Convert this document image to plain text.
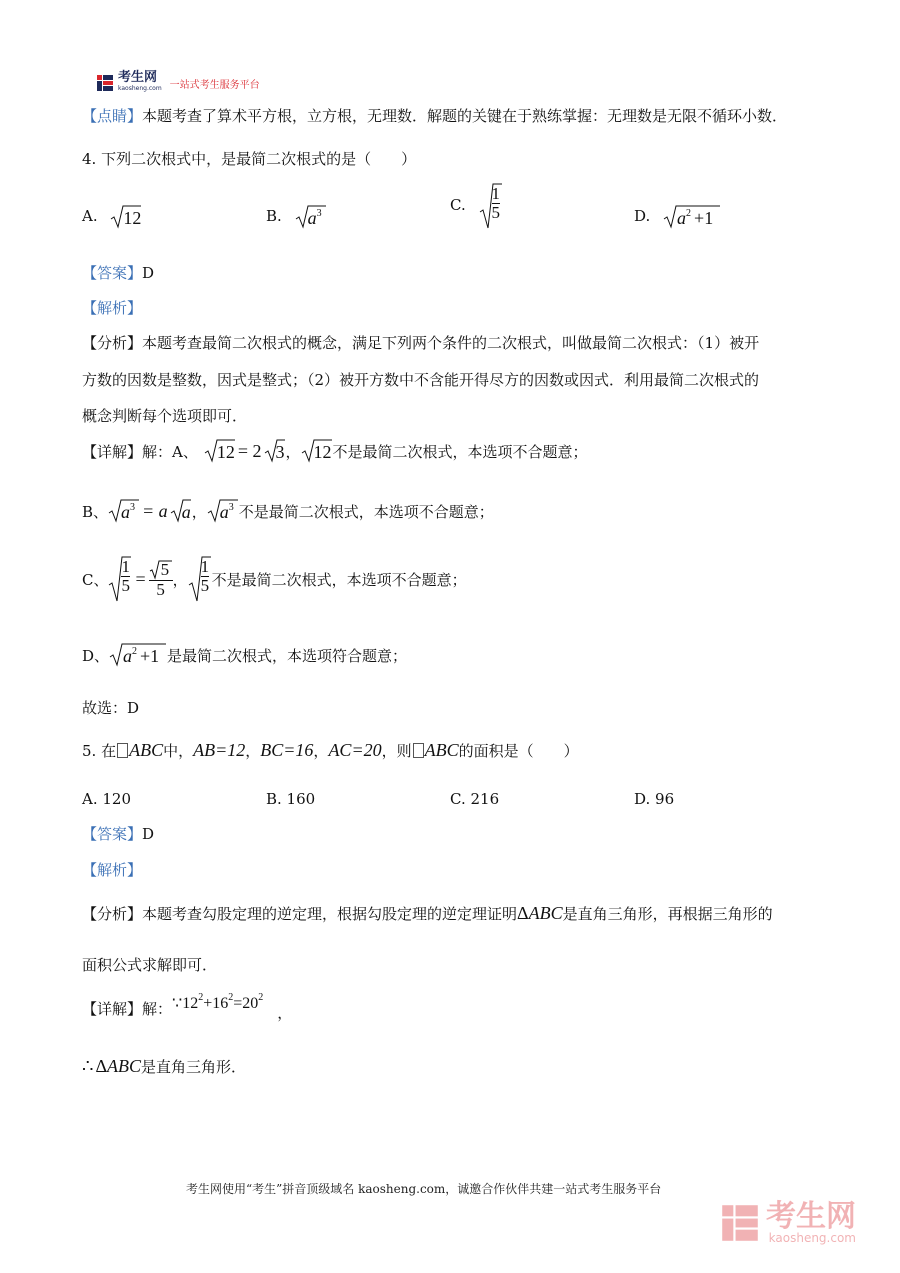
考生网
kaosheng.com 一站式考生服务平台
【点睛】本题考查了算术平方根，立方根，无理数．解题的关键在于熟练掌握：无理数是无限不循环小数．
4. 下列二次根式中，是最简二次根式的是（　　）
A. 12	B. $a^3$	C.
1
5	D. $a^2 +1$
【答案】D
【解析】
【分析】本题考查最简二次根式的概念，满足下列两个条件的二次根式，叫做最简二次根式：（1）被开
方数的因数是整数，因式是整式；（2）被开方数中不含能开得尽方的因数或因式．利用最简二次根式的
概念判断每个选项即可．
【详解】 解：A、 12 = 2 3 ， 12 不是最简二次根式，本选项不合题意；
B、 $a^3 = a$ a ， $a^3$ 不是最简二次根式，本选项不合题意；
C、
1
$5 = \frac{5}{5}$ ，
1
5 不是最简二次根式，本选项不合题意；
D、 $a^2 +1$ 是最简二次根式，本选项符合题意；
故选：D
5. 在 ABC 中， AB=12 ， BC=16 ， AC=20 ，则 ABC 的面积是（　　）
A. 120	B. 160	C. 216	D. 96
【答案】D
【解析】
【分析】 本题考查勾股定理的逆定理，根据勾股定理的逆定理证明 Δ ABC 是直角三角形，再根据三角形的
面积公式求解即可．
【详解】 解： $\because 12^2+16^2=20^2$
，
∴ Δ ABC 是直角三角形．
考生网使用“考生”拼音顶级域名 kaosheng.com，诚邀合作伙伴共建一站式考生服务平台
考生网
kaosheng.com
